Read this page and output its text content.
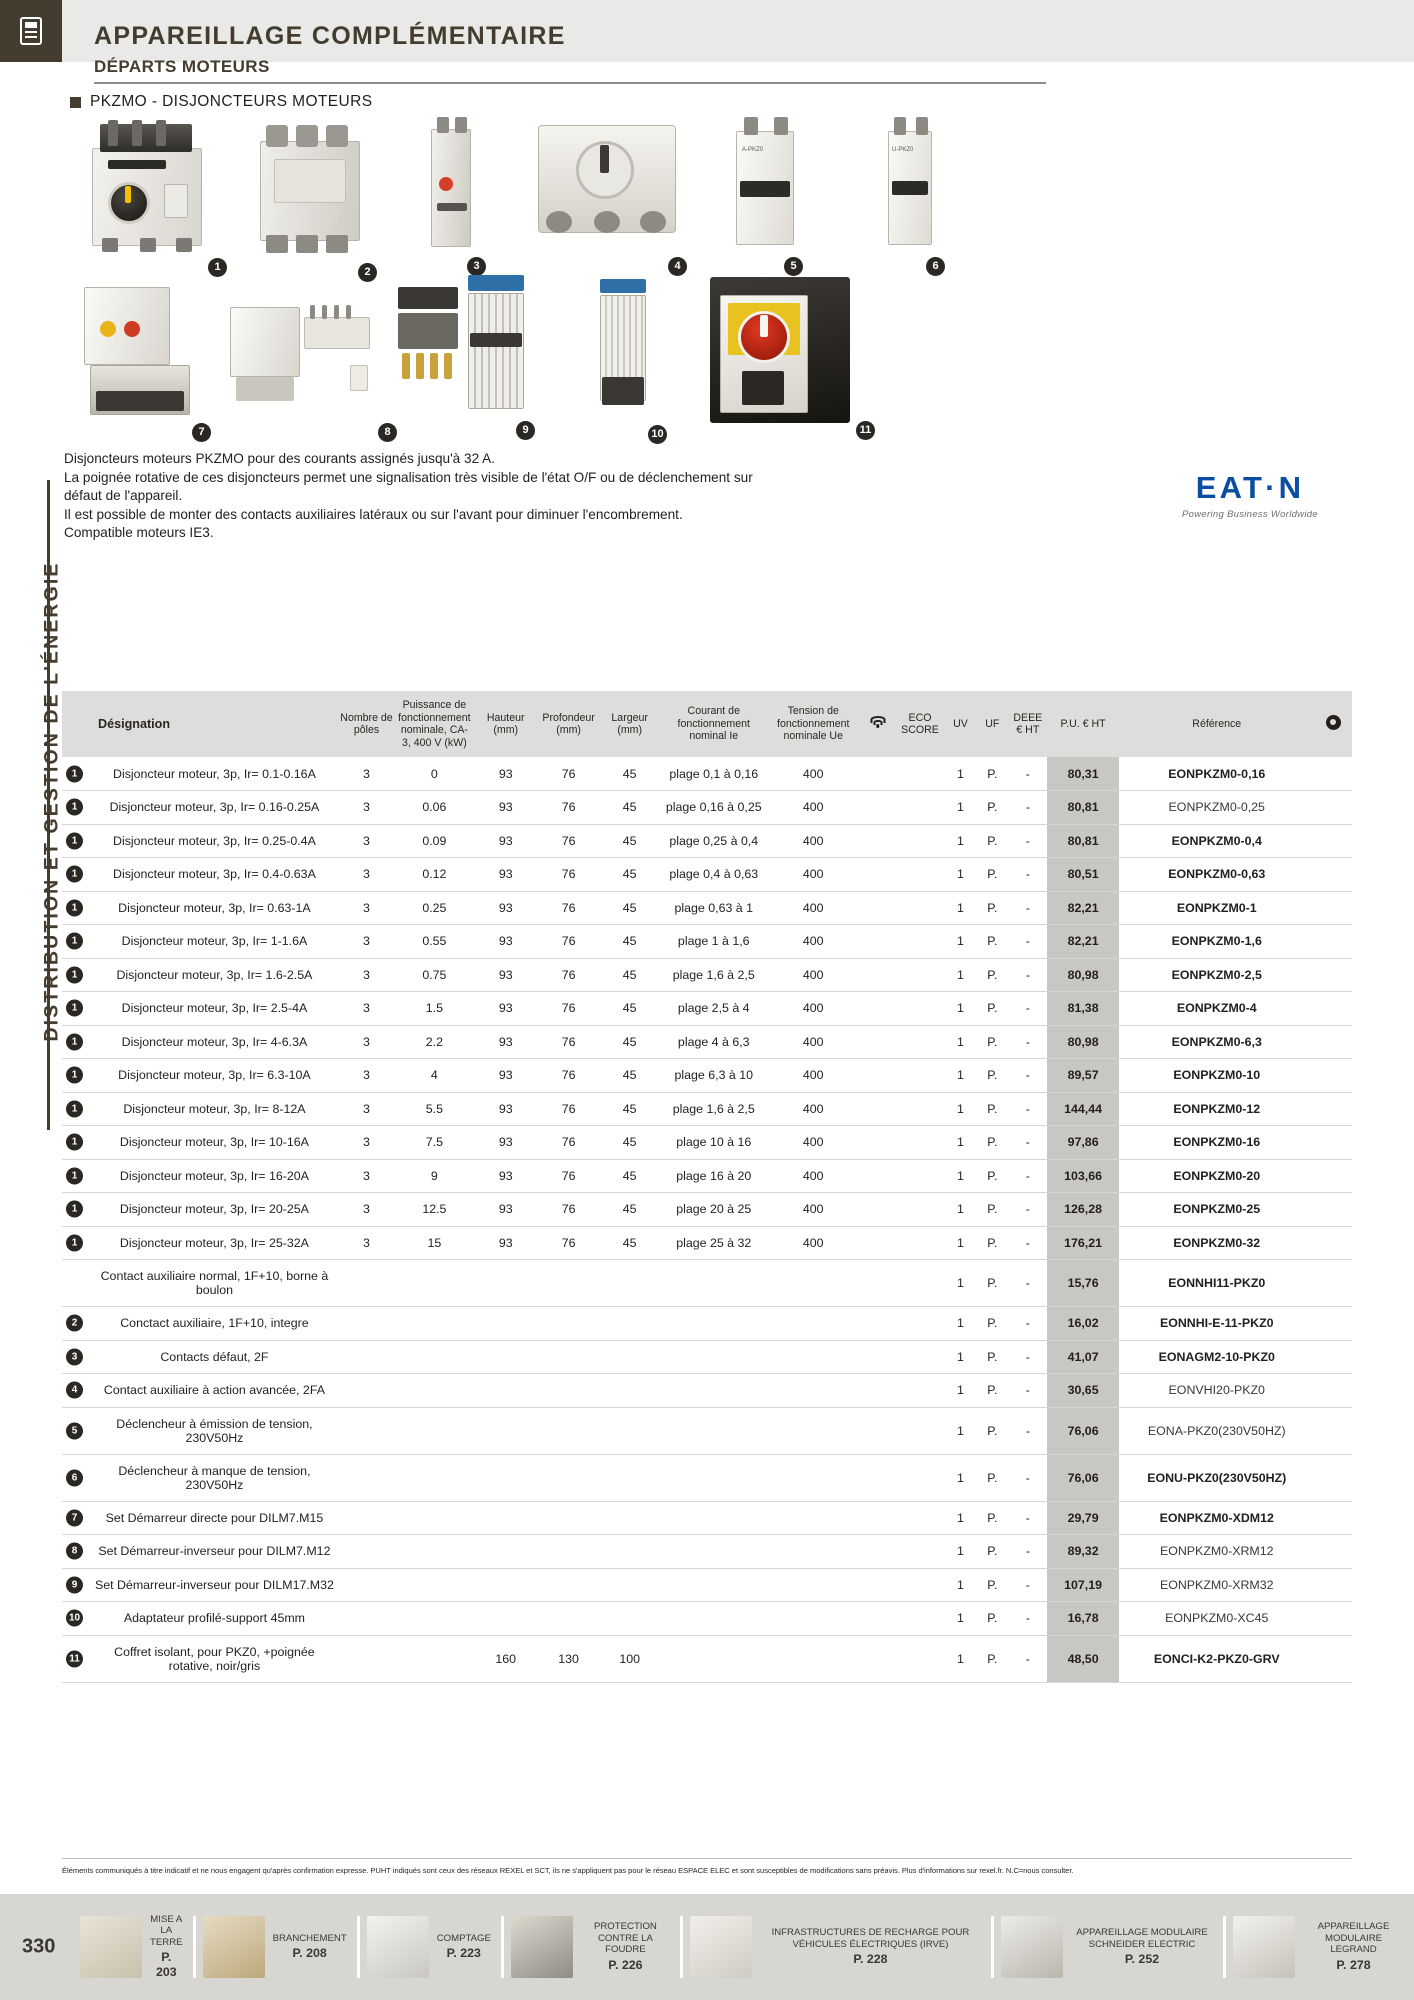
DISTRIBUTION ET GESTION DE L'ÉNERGIE
APPAREILLAGE COMPLÉMENTAIRE
DÉPARTS MOTEURS
PKZMO - DISJONCTEURS MOTEURS
1	2	3	4
A-PKZ0
5
U-PKZ0
6
7	8	9	10	11
Disjoncteurs moteurs PKZMO pour des courants assignés jusqu'à 32 A.
La poignée rotative de ces disjoncteurs permet une signalisation très visible de l'état O/F ou de déclenchement sur défaut de l'appareil.
Il est possible de monter des contacts auxiliaires latéraux ou sur l'avant pour diminuer l'encombrement.
Compatible moteurs IE3.
EAT·N
Powering Business Worldwide
Désignation	Nombre de pôles	Puissance de fonctionnement nominale, CA-3, 400 V (kW)	Hauteur (mm)	Profondeur (mm)	Largeur (mm)	Courant de fonctionnement nominal Ie	Tension de fonctionnement nominale Ue		ECO SCORE	UV	UF	DEEE € HT	P.U. € HT	Référence	

1 Disjoncteur moteur, 3p, Ir= 0.1-0.16A	3	0	93	76	45	plage 0,1 à 0,16	400			1	P.	-	80,31	EONPKZM0-0,16	

1 Disjoncteur moteur, 3p, Ir= 0.16-0.25A	3	0.06	93	76	45	plage 0,16 à 0,25	400			1	P.	-	80,81	EONPKZM0-0,25	

1 Disjoncteur moteur, 3p, Ir= 0.25-0.4A	3	0.09	93	76	45	plage 0,25 à 0,4	400			1	P.	-	80,81	EONPKZM0-0,4	

1 Disjoncteur moteur, 3p, Ir= 0.4-0.63A	3	0.12	93	76	45	plage 0,4 à 0,63	400			1	P.	-	80,51	EONPKZM0-0,63	

1 Disjoncteur moteur, 3p, Ir= 0.63-1A	3	0.25	93	76	45	plage 0,63 à 1	400			1	P.	-	82,21	EONPKZM0-1	

1 Disjoncteur moteur, 3p, Ir= 1-1.6A	3	0.55	93	76	45	plage 1 à 1,6	400			1	P.	-	82,21	EONPKZM0-1,6	

1 Disjoncteur moteur, 3p, Ir= 1.6-2.5A	3	0.75	93	76	45	plage 1,6 à 2,5	400			1	P.	-	80,98	EONPKZM0-2,5	

1 Disjoncteur moteur, 3p, Ir= 2.5-4A	3	1.5	93	76	45	plage 2,5 à 4	400			1	P.	-	81,38	EONPKZM0-4	

1 Disjoncteur moteur, 3p, Ir= 4-6.3A	3	2.2	93	76	45	plage 4 à 6,3	400			1	P.	-	80,98	EONPKZM0-6,3	

1 Disjoncteur moteur, 3p, Ir= 6.3-10A	3	4	93	76	45	plage 6,3 à 10	400			1	P.	-	89,57	EONPKZM0-10	

1 Disjoncteur moteur, 3p, Ir= 8-12A	3	5.5	93	76	45	plage 1,6 à 2,5	400			1	P.	-	144,44	EONPKZM0-12	

1 Disjoncteur moteur, 3p, Ir= 10-16A	3	7.5	93	76	45	plage 10 à 16	400			1	P.	-	97,86	EONPKZM0-16	

1 Disjoncteur moteur, 3p, Ir= 16-20A	3	9	93	76	45	plage 16 à 20	400			1	P.	-	103,66	EONPKZM0-20	

1 Disjoncteur moteur, 3p, Ir= 20-25A	3	12.5	93	76	45	plage 20 à 25	400			1	P.	-	126,28	EONPKZM0-25	

1 Disjoncteur moteur, 3p, Ir= 25-32A	3	15	93	76	45	plage 25 à 32	400			1	P.	-	176,21	EONPKZM0-32	
Contact auxiliaire normal, 1F+10, borne à boulon										1	P.	-	15,76	EONNHI11-PKZ0	

2 Conctact auxiliaire, 1F+10, integre										1	P.	-	16,02	EONNHI-E-11-PKZ0	

3 Contacts défaut, 2F										1	P.	-	41,07	EONAGM2-10-PKZ0	

4 Contact auxiliaire à action avancée, 2FA										1	P.	-	30,65	EONVHI20-PKZ0	

5 Déclencheur à émission de tension, 230V50Hz										1	P.	-	76,06	EONA-PKZ0(230V50HZ)	

6 Déclencheur à manque de tension, 230V50Hz										1	P.	-	76,06	EONU-PKZ0(230V50HZ)	

7 Set Démarreur directe pour DILM7.M15										1	P.	-	29,79	EONPKZM0-XDM12	

8 Set Démarreur-inverseur pour DILM7.M12										1	P.	-	89,32	EONPKZM0-XRM12	

9 Set Démarreur-inverseur pour DILM17.M32										1	P.	-	107,19	EONPKZM0-XRM32	

10 Adaptateur profilé-support 45mm										1	P.	-	16,78	EONPKZM0-XC45	

11 Coffret isolant, pour PKZ0, +poignée rotative, noir/gris			160	130	100					1	P.	-	48,50	EONCI-K2-PKZ0-GRV	
Éléments communiqués à titre indicatif et ne nous engagent qu'après confirmation expresse. PUHT indiqués sont ceux des réseaux REXEL et SCT, ils ne s'appliquent pas pour le réseau ESPACE ELEC et sont susceptibles de modifications sans préavis. Plus d'informations sur rexel.fr. N.C=nous consulter.
330
MISE A LA TERRE
P. 203
BRANCHEMENT
P. 208
COMPTAGE
P. 223
PROTECTION CONTRE LA FOUDRE
P. 226
INFRASTRUCTURES DE RECHARGE POUR VÉHICULES ÉLECTRIQUES (IRVE)
P. 228
APPAREILLAGE MODULAIRE SCHNEIDER ELECTRIC
P. 252
APPAREILLAGE MODULAIRE LEGRAND
P. 278
